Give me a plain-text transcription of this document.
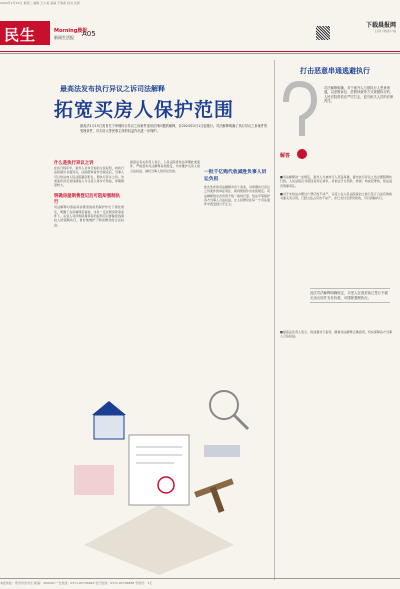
2024年1月16日 星期二 编辑 王小美 美编 于海燕 校对 张新
民生	Morning晨报
新闻生活报 A05
下载晨报网
扫码下载客户端
最高法发布执行异议之诉司法解释
拓宽买房人保护范围
最高法1月15日发布关于审理执行异议之诉案件适用法律问题的解释，自2024年2月1日起施行。司法解释明确了执行异议之诉案件的受理条件，对买房人等民事主体的权益作出进一步保护。
什么是执行异议之诉
在执行程序中，案外人对执行标的主张权利，向执行法院提出书面异议，法院经审查作出裁定后，当事人可以依法向人民法院提起诉讼，即执行异议之诉。该类案件涉及金钱债权人与买受人等多方利益，审理难度较大。
明确房屋销售登记后可阻却强制执行
司法解释对商品房消费者的权利保护作出了细化规定，明确了在房屋网签备案、支付一定比例房款等条件下，买受人对所购房屋享有的权利可以排除金钱债权人的强制执行，更好地维护了购房群众的合法权益。
最高法有关负责人表示，人民法院将依法审理此类案件，严格落实司法解释各项规定，切实维护买房人的合法权益，减轻当事人的诉讼负担。	一批千亿购代收减胜负事人诉讼负担
此次发布的司法解释共有十余条，对审理执行异议之诉案件的举证责任、裁判规则作出系统规定。司法解释的出台有利于统一裁判尺度，依法平等保护各方当事人合法权益，让人民群众在每一个司法案件中感受到公平正义。
打击恶意串通逃避执行
解答
司法解释明确，对于案外人与被执行人恶意串通，以虚假诉讼、虚假仲裁等方式规避执行的，人民法院将依法严厉打击，追究相关人员的法律责任。
■司法解释进一步规定，案外人与被执行人恶意串通，提出执行异议之诉企图阻碍执行的，人民法院应当驳回其诉讼请求，并依法予以罚款、拘留；构成犯罪的，依法追究刑事责任。
■对于未依法办理过户登记的不动产，买受人在人民法院查封之前已签订合法有效的书面买卖合同，已经合法占有该不动产，并已支付全部价款的，可以排除执行。
此次司法解释明确规定，买受人在查封前已签订书面买卖合同并支付价款，可排除强制执行。
■最高法负责人表示，将加强对下指导，确保司法解释正确适用，切实保障各方当事人合法权益。
本报地址：郑州市金水区 邮编：450000 广告热线：0371-65796666 发行热线：0371-65796888 零售价：1元
